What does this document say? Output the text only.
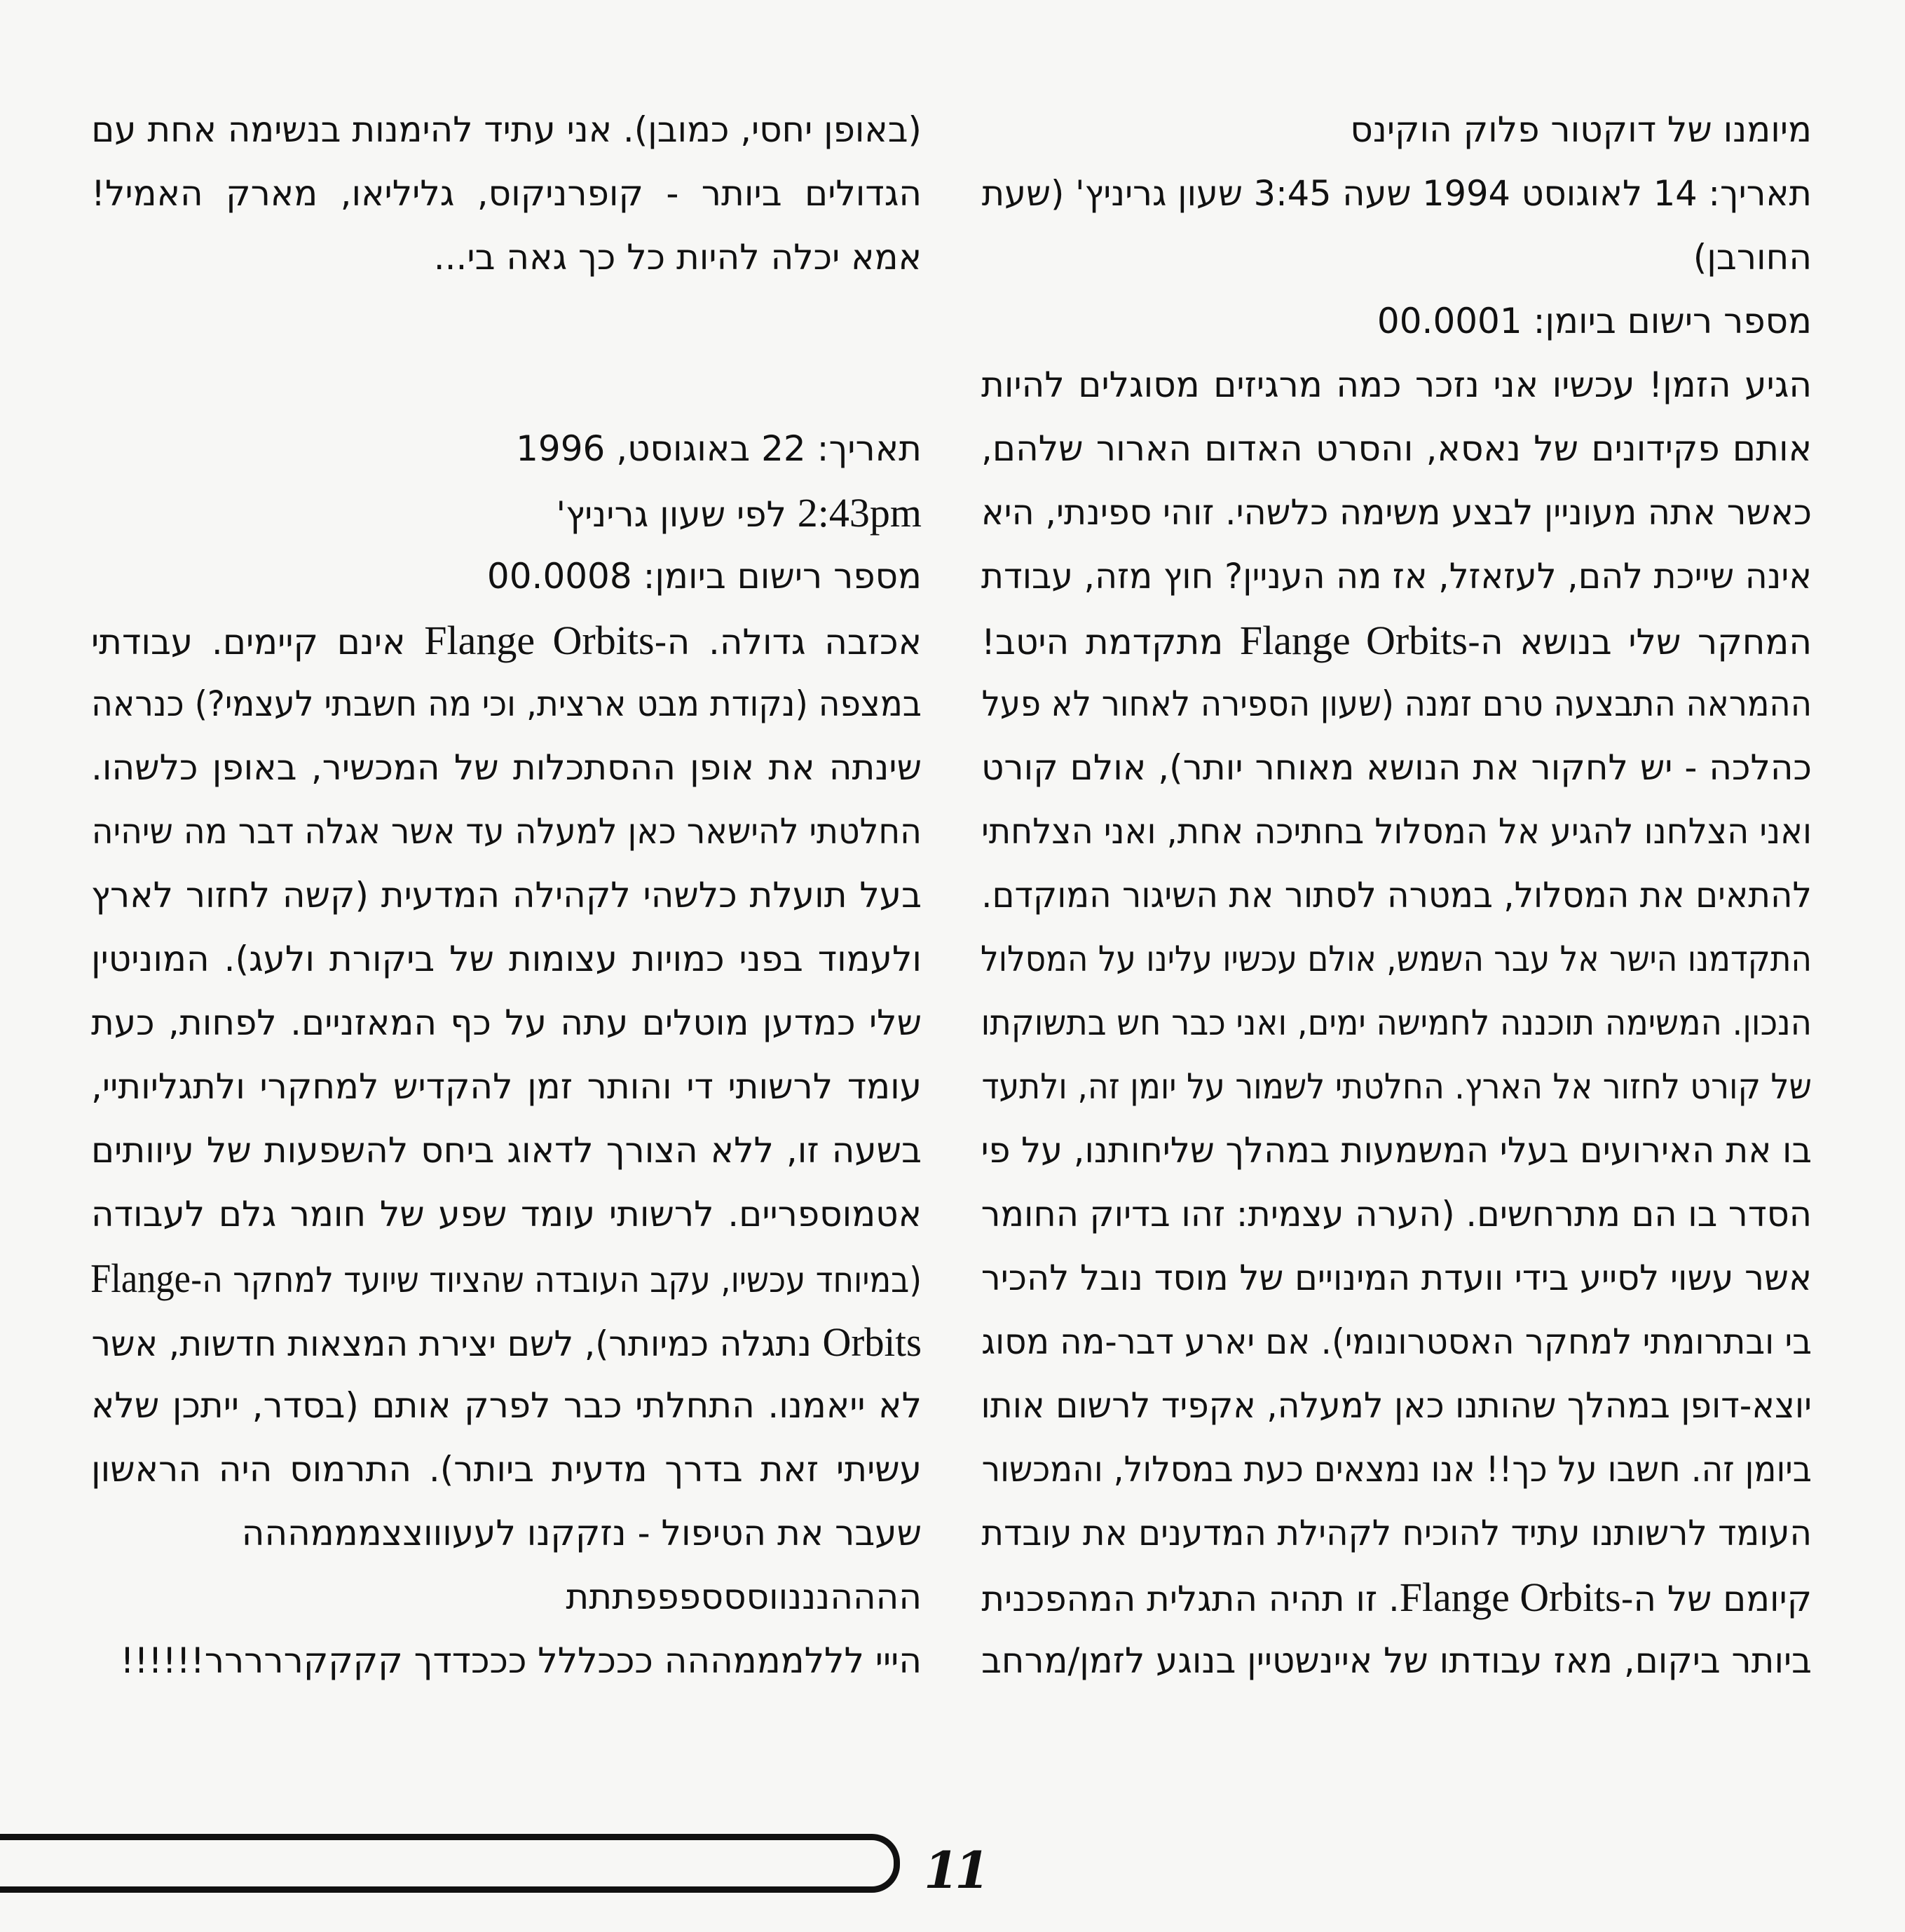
מיומנו של דוקטור פלוק הוקינס
תאריך: 14 לאוגוסט 1994 שעה 3:45 שעון גריניץ' (שעת
החורבן)
מספר רישום ביומן: 00.0001
הגיע הזמן! עכשיו אני נזכר כמה מרגיזים מסוגלים להיות
אותם פקידונים של נאסא, והסרט האדום הארור שלהם,
כאשר אתה מעוניין לבצע משימה כלשהי. זוהי ספינתי, היא
אינה שייכת להם, לעזאזל, אז מה העניין? חוץ מזה, עבודת
המחקר שלי בנושא ה-Flange Orbits מתקדמת היטב!
ההמראה התבצעה טרם זמנה (שעון הספירה לאחור לא פעל
כהלכה - יש לחקור את הנושא מאוחר יותר), אולם קורט
ואני הצלחנו להגיע אל המסלול בחתיכה אחת, ואני הצלחתי
להתאים את המסלול, במטרה לסתור את השיגור המוקדם.
התקדמנו הישר אל עבר השמש, אולם עכשיו עלינו על המסלול
הנכון. המשימה תוכננה לחמישה ימים, ואני כבר חש בתשוקתו
של קורט לחזור אל הארץ. החלטתי לשמור על יומן זה, ולתעד
בו את האירועים בעלי המשמעות במהלך שליחותנו, על פי
הסדר בו הם מתרחשים. (הערה עצמית: זהו בדיוק החומר
אשר עשוי לסייע בידי וועדת המינויים של מוסד נובל להכיר
בי ובתרומתי למחקר האסטרונומי). אם יארע דבר-מה מסוג
יוצא-דופן במהלך שהותנו כאן למעלה, אקפיד לרשום אותו
ביומן זה. חשבו על כך!! אנו נמצאים כעת במסלול, והמכשור
העומד לרשותנו עתיד להוכיח לקהילת המדענים את עובדת
קיומם של ה-Flange Orbits. זו תהיה התגלית המהפכנית
ביותר ביקום, מאז עבודתו של איינשטיין בנוגע לזמן/מרחב
(באופן יחסי, כמובן). אני עתיד להימנות בנשימה אחת עם
הגדולים ביותר - קופרניקוס, גליליאו, מארק האמיל!
אמא יכלה להיות כל כך גאה בי...
תאריך: 22 באוגוסט, 1996
2:43pm לפי שעון גריניץ'
מספר רישום ביומן: 00.0008
אכזבה גדולה. ה-Flange Orbits אינם קיימים. עבודתי
במצפה (נקודת מבט ארצית, וכי מה חשבתי לעצמי?) כנראה
שינתה את אופן ההסתכלות של המכשיר, באופן כלשהו.
החלטתי להישאר כאן למעלה עד אשר אגלה דבר מה שיהיה
בעל תועלת כלשהי לקהילה המדעית (קשה לחזור לארץ
ולעמוד בפני כמויות עצומות של ביקורת ולעג). המוניטין
שלי כמדען מוטלים עתה על כף המאזניים. לפחות, כעת
עומד לרשותי די והותר זמן להקדיש למחקרי ולתגליותיי,
בשעה זו, ללא הצורך לדאוג ביחס להשפעות של עיוותים
אטמוספריים. לרשותי עומד שפע של חומר גלם לעבודה
(במיוחד עכשיו, עקב העובדה שהציוד שיועד למחקר ה-Flange
Orbits נתגלה כמיותר), לשם יצירת המצאות חדשות, אשר
לא ייאמנו. התחלתי כבר לפרק אותם (בסדר, ייתכן שלא
עשיתי זאת בדרך מדעית ביותר). התרמוס היה הראשון
שעבר את הטיפול - נזקקנו לעעוווצצמממההה
ההההנננווססספפפתתת
הייי לללמממההה כככללל כככדדך קקקקררררר!!!!!!
11
